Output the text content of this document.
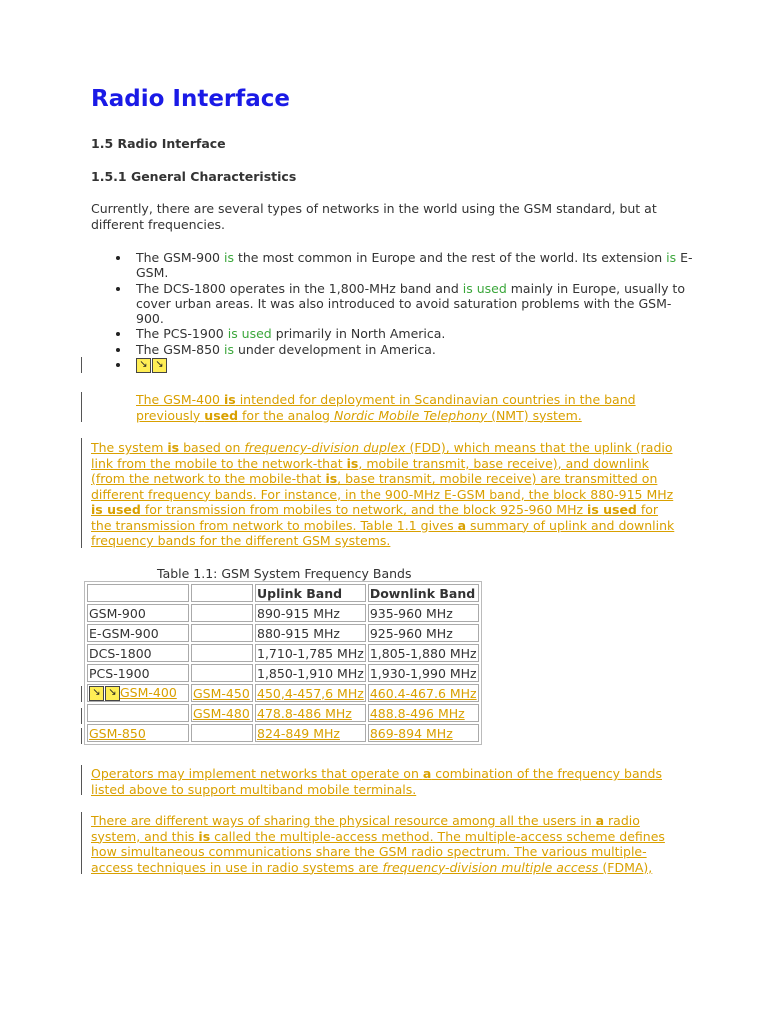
Radio Interface

1.5 Radio Interface

1.5.1 General Characteristics

Currently, there are several types of networks in the world using the GSM standard, but at different frequencies.

The GSM-900 is the most common in Europe and the rest of the world. Its extension is E-GSM.
The DCS-1800 operates in the 1,800-MHz band and is used mainly in Europe, usually to cover urban areas. It was also introduced to avoid saturation problems with the GSM-900.
The PCS-1900 is used primarily in North America.
The GSM-850 is under development in America.
↘ ↘

The GSM-400 is intended for deployment in Scandinavian countries in the band previously used for the analog Nordic Mobile Telephony (NMT) system.

The system is based on frequency-division duplex (FDD), which means that the uplink (radio link from the mobile to the network-that is, mobile transmit, base receive), and downlink (from the network to the mobile-that is, base transmit, mobile receive) are transmitted on different frequency bands. For instance, in the 900-MHz E-GSM band, the block 880-915 MHz is used for transmission from mobiles to network, and the block 925-960 MHz is used for the transmission from network to mobiles. Table 1.1 gives a summary of uplink and downlink frequency bands for the different GSM systems.

Table 1.1: GSM System Frequency Bands
		Uplink Band	Downlink Band
GSM-900		890-915 MHz	935-960 MHz
E-GSM-900		880-915 MHz	925-960 MHz
DCS-1800		1,710-1,785 MHz	1,805-1,880 MHz
PCS-1900		1,850-1,910 MHz	1,930-1,990 MHz

↘ ↘ GSM-400	GSM-450	450,4-457,6 MHz	460.4-467.6 MHz
	GSM-480	478.8-486 MHz	488.8-496 MHz
GSM-850		824-849 MHz	869-894 MHz

Operators may implement networks that operate on a combination of the frequency bands listed above to support multiband mobile terminals.

There are different ways of sharing the physical resource among all the users in a radio system, and this is called the multiple-access method. The multiple-access scheme defines how simultaneous communications share the GSM radio spectrum. The various multiple-access techniques in use in radio systems are frequency-division multiple access (FDMA),
